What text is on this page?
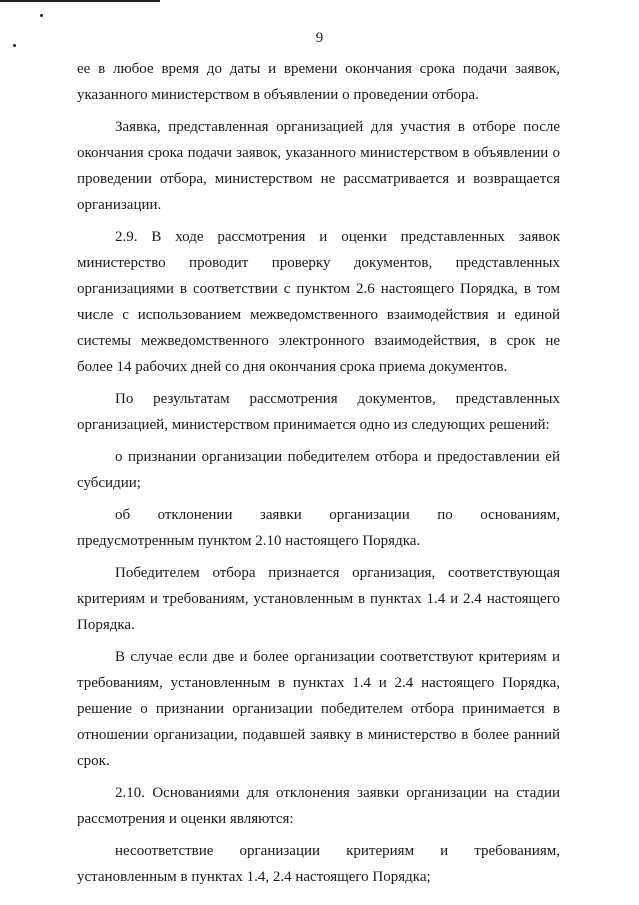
9

ее в любое время до даты и времени окончания срока подачи заявок, указанного министерством в объявлении о проведении отбора.

Заявка, представленная организацией для участия в отборе после окончания срока подачи заявок, указанного министерством в объявлении о проведении отбора, министерством не рассматривается и возвращается организации.

2.9. В ходе рассмотрения и оценки представленных заявок министерство проводит проверку документов, представленных организациями в соответствии с пунктом 2.6 настоящего Порядка, в том числе с использованием межведомственного взаимодействия и единой системы межведомственного электронного взаимодействия, в срок не более 14 рабочих дней со дня окончания срока приема документов.

По результатам рассмотрения документов, представленных организацией, министерством принимается одно из следующих решений:

о признании организации победителем отбора и предоставлении ей субсидии;

об отклонении заявки организации по основаниям, предусмотренным пунктом 2.10 настоящего Порядка.

Победителем отбора признается организация, соответствующая критериям и требованиям, установленным в пунктах 1.4 и 2.4 настоящего Порядка.

В случае если две и более организации соответствуют критериям и требованиям, установленным в пунктах 1.4 и 2.4 настоящего Порядка, решение о признании организации победителем отбора принимается в отношении организации, подавшей заявку в министерство в более ранний срок.

2.10. Основаниями для отклонения заявки организации на стадии рассмотрения и оценки являются:

несоответствие организации критериям и требованиям, установленным в пунктах 1.4, 2.4 настоящего Порядка;
